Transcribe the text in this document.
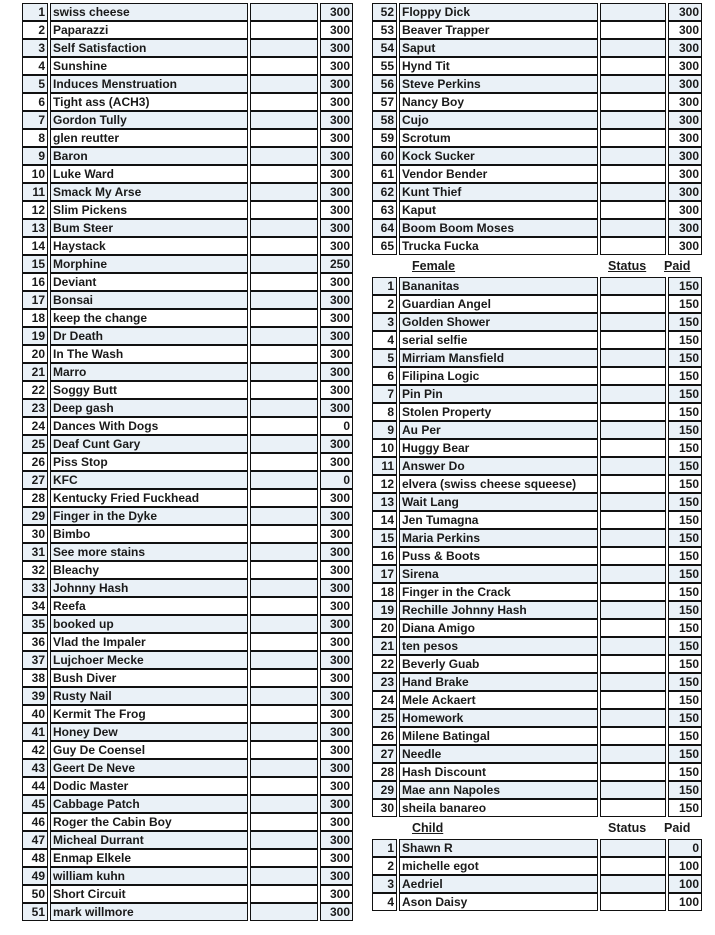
1	swiss cheese		300
2	Paparazzi		300
3	Self Satisfaction		300
4	Sunshine		300
5	Induces Menstruation		300
6	Tight ass (ACH3)		300
7	Gordon Tully		300
8	glen reutter		300
9	Baron		300
10	Luke Ward		300
11	Smack My Arse		300
12	Slim Pickens		300
13	Bum Steer		300
14	Haystack		300
15	Morphine		250
16	Deviant		300
17	Bonsai		300
18	keep the change		300
19	Dr Death		300
20	In The Wash		300
21	Marro		300
22	Soggy Butt		300
23	Deep gash		300
24	Dances With Dogs		0
25	Deaf Cunt Gary		300
26	Piss Stop		300
27	KFC		0
28	Kentucky Fried Fuckhead		300
29	Finger in the Dyke		300
30	Bimbo		300
31	See more stains		300
32	Bleachy		300
33	Johnny Hash		300
34	Reefa		300
35	booked up		300
36	Vlad the Impaler		300
37	Lujchoer Mecke		300
38	Bush Diver		300
39	Rusty Nail		300
40	Kermit The Frog		300
41	Honey Dew		300
42	Guy De Coensel		300
43	Geert De Neve		300
44	Dodic Master		300
45	Cabbage Patch		300
46	Roger the Cabin Boy		300
47	Micheal Durrant		300
48	Enmap Elkele		300
49	william kuhn		300
50	Short Circuit		300
51	mark willmore		300
52	Floppy Dick		300
53	Beaver Trapper		300
54	Saput		300
55	Hynd Tit		300
56	Steve Perkins		300
57	Nancy Boy		300
58	Cujo		300
59	Scrotum		300
60	Kock Sucker		300
61	Vendor Bender		300
62	Kunt Thief		300
63	Kaput		300
64	Boom Boom Moses		300
65	Trucka Fucka		300
Female	Status Paid
1	Bananitas		150
2	Guardian Angel		150
3	Golden Shower		150
4	serial selfie		150
5	Mirriam Mansfield		150
6	Filipina Logic		150
7	Pin Pin		150
8	Stolen Property		150
9	Au Per		150
10	Huggy Bear		150
11	Answer Do		150
12	elvera (swiss cheese squeese)		150
13	Wait Lang		150
14	Jen Tumagna		150
15	Maria Perkins		150
16	Puss & Boots		150
17	Sirena		150
18	Finger in the Crack		150
19	Rechille Johnny Hash		150
20	Diana Amigo		150
21	ten pesos		150
22	Beverly Guab		150
23	Hand Brake		150
24	Mele Ackaert		150
25	Homework		150
26	Milene Batingal		150
27	Needle		150
28	Hash Discount		150
29	Mae ann Napoles		150
30	sheila banareo		150
Child	Status Paid
1	Shawn R		0
2	michelle egot		100
3	Aedriel		100
4	Ason Daisy		100
